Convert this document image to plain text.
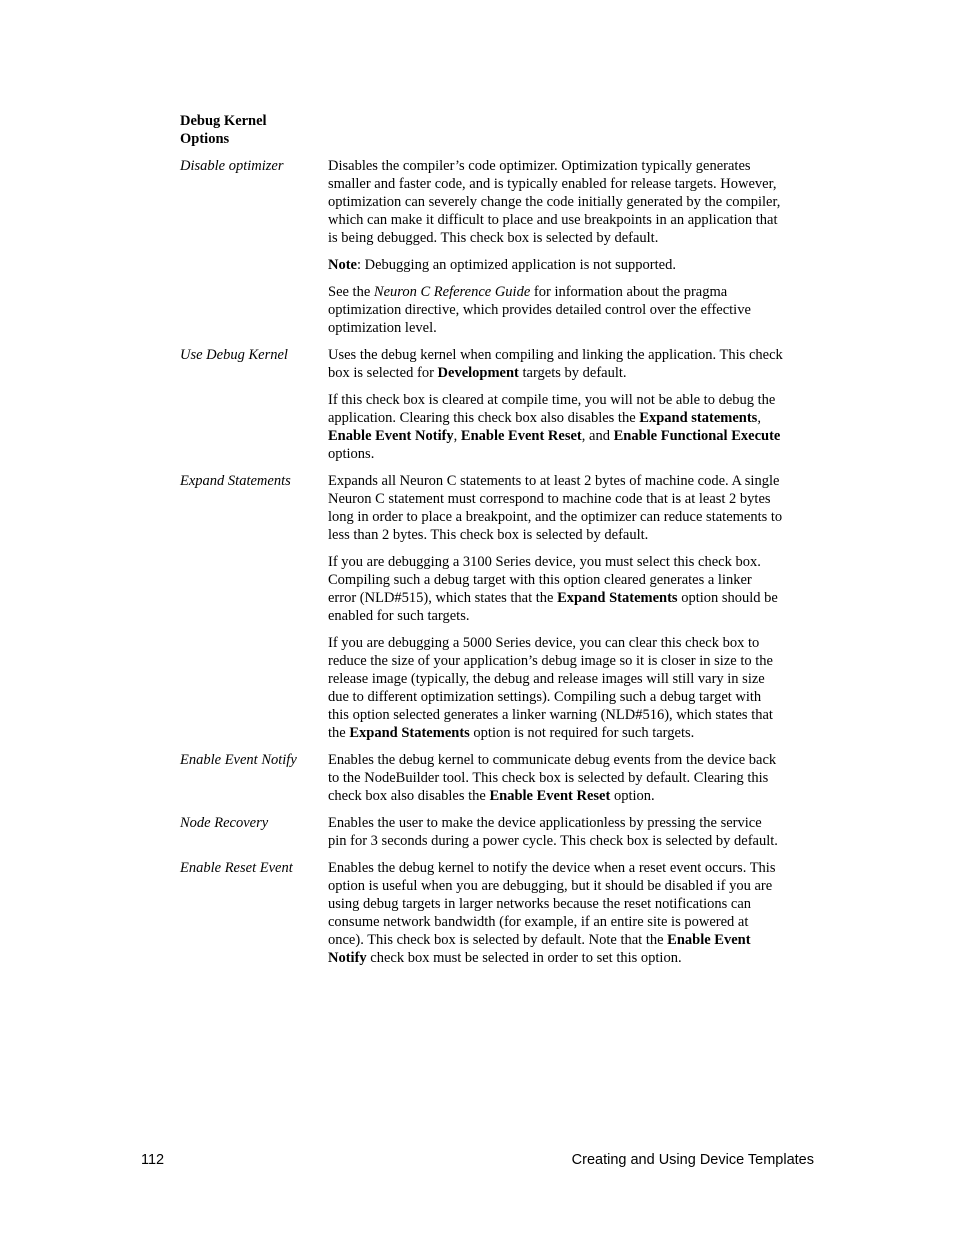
Debug Kernel
Options
Disable optimizer	Disables the compiler’s code optimizer. Optimization typically generates smaller and faster code, and is typically enabled for release targets. However, optimization can severely change the code initially generated by the compiler, which can make it difficult to place and use breakpoints in an application that is being debugged. This check box is selected by default.

Note: Debugging an optimized application is not supported.

See the Neuron C Reference Guide for information about the pragma optimization directive, which provides detailed control over the effective optimization level.

Use Debug Kernel	Uses the debug kernel when compiling and linking the application. This check box is selected for Development targets by default.

If this check box is cleared at compile time, you will not be able to debug the application. Clearing this check box also disables the Expand statements, Enable Event Notify, Enable Event Reset, and Enable Functional Execute options.

Expand Statements	Expands all Neuron C statements to at least 2 bytes of machine code. A single Neuron C statement must correspond to machine code that is at least 2 bytes long in order to place a breakpoint, and the optimizer can reduce statements to less than 2 bytes. This check box is selected by default.

If you are debugging a 3100 Series device, you must select this check box. Compiling such a debug target with this option cleared generates a linker error (NLD#515), which states that the Expand Statements option should be enabled for such targets.

If you are debugging a 5000 Series device, you can clear this check box to reduce the size of your application’s debug image so it is closer in size to the release image (typically, the debug and release images will still vary in size due to different optimization settings). Compiling such a debug target with this option selected generates a linker warning (NLD#516), which states that the Expand Statements option is not required for such targets.

Enable Event Notify	Enables the debug kernel to communicate debug events from the device back to the NodeBuilder tool. This check box is selected by default. Clearing this check box also disables the Enable Event Reset option.

Node Recovery	Enables the user to make the device applicationless by pressing the service pin for 3 seconds during a power cycle. This check box is selected by default.

Enable Reset Event	Enables the debug kernel to notify the device when a reset event occurs. This option is useful when you are debugging, but it should be disabled if you are using debug targets in larger networks because the reset notifications can consume network bandwidth (for example, if an entire site is powered at once). This check box is selected by default. Note that the Enable Event Notify check box must be selected in order to set this option.

112	Creating and Using Device Templates
